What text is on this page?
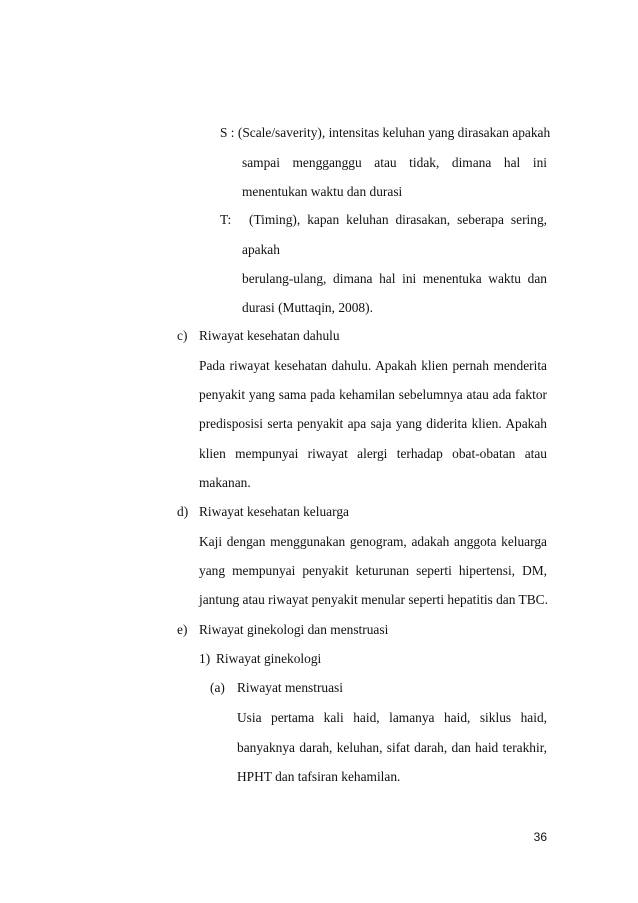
S : (Scale/saverity), intensitas keluhan yang dirasakan apakah

sampai mengganggu atau tidak, dimana hal ini

menentukan waktu dan durasi

T: (Timing), kapan keluhan dirasakan, seberapa sering,

apakah

berulang-ulang, dimana hal ini menentuka waktu dan

durasi (Muttaqin, 2008).

c) Riwayat kesehatan dahulu

Pada riwayat kesehatan dahulu. Apakah klien pernah menderita

penyakit yang sama pada kehamilan sebelumnya atau ada faktor

predisposisi serta penyakit apa saja yang diderita klien. Apakah

klien mempunyai riwayat alergi terhadap obat-obatan atau

makanan.

d) Riwayat kesehatan keluarga

Kaji dengan menggunakan genogram, adakah anggota keluarga

yang mempunyai penyakit keturunan seperti hipertensi, DM,

jantung atau riwayat penyakit menular seperti hepatitis dan TBC.

e) Riwayat ginekologi dan menstruasi

1) Riwayat ginekologi

(a) Riwayat menstruasi

Usia pertama kali haid, lamanya haid, siklus haid,

banyaknya darah, keluhan, sifat darah, dan haid terakhir,

HPHT dan tafsiran kehamilan.

36
